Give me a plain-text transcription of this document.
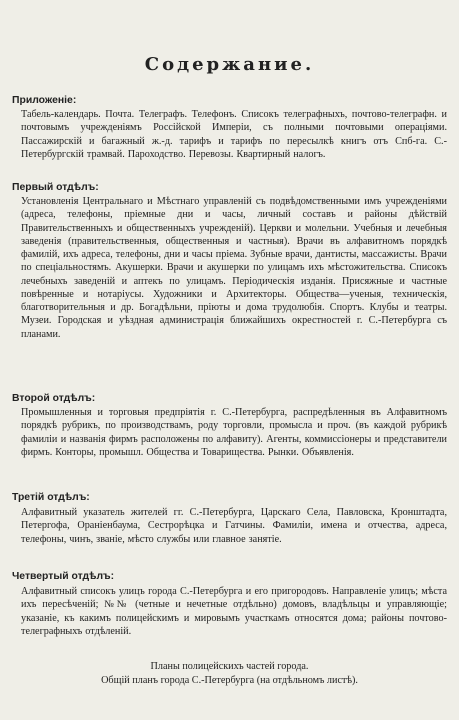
Содержание.
Приложеніе:
Табель-календарь. Почта. Телеграфъ. Телефонъ. Списокъ телеграфныхъ, почтово-телеграфн. и почтовымъ учрежденіямъ Россійской Имперіи, съ полными почтовыми операціями. Пассажирскій и багажный ж.-д. тарифъ и тарифъ по пересылкѣ книгъ отъ Спб-га. С.-Петербургскій трамвай. Пароходство. Перевозы. Квартирный налогъ.
Первый отдѣлъ:
Установленія Центральнаго и Мѣстнаго управленій съ подвѣдомственными имъ учрежденіями (адреса, телефоны, пріемные дни и часы, личный составъ и районы дѣйствій Правительственныхъ и общественныхъ учрежденій). Церкви и молельни. Учебныя и лечебныя заведенія (правительственныя, общественныя и частныя). Врачи въ алфавитномъ порядкѣ фамилій, ихъ адреса, телефоны, дни и часы пріема. Зубные врачи, дантисты, массажисты. Врачи по спеціальностямъ. Акушерки. Врачи и акушерки по улицамъ ихъ мѣстожительства. Списокъ лечебныхъ заведеній и аптекъ по улицамъ. Періодическія изданія. Присяжные и частные повѣренные и нотаріусы. Художники и Архитекторы. Общества—ученыя, техническія, благотворительныя и др. Богадѣльни, пріюты и дома трудолюбія. Спортъ. Клубы и театры. Музеи. Городская и уѣздная администрація ближайшихъ окрестностей г. С.-Петербурга съ планами.
Второй отдѣлъ:
Промышленныя и торговыя предпріятія г. С.-Петербурга, распредѣленныя въ Алфавитномъ порядкѣ рубрикъ, по производствамъ, роду торговли, промысла и проч. (въ каждой рубрикѣ фамиліи и названія фирмъ расположены по алфавиту). Агенты, коммиссіонеры и представители фирмъ. Конторы, промышл. Общества и Товарищества. Рынки. Объявленія.
Третій отдѣлъ:
Алфавитный указатель жителей гг. С.-Петербурга, Царскаго Села, Павловска, Кронштадта, Петергофа, Ораніенбаума, Сестрорѣцка и Гатчины. Фамиліи, имена и отчества, адреса, телефоны, чинъ, званіе, мѣсто службы или главное занятіе.
Четвертый отдѣлъ:
Алфавитный списокъ улицъ города С.-Петербурга и его пригородовъ. Направленіе улицъ; мѣста ихъ пересѣченій; №№ (четные и нечетные отдѣльно) домовъ, владѣльцы и управляющіе; указаніе, къ какимъ полицейскимъ и мировымъ участкамъ относятся дома; районы почтово-телеграфныхъ отдѣленій.
Планы полицейскихъ частей города.
Общій планъ города С.-Петербурга (на отдѣльномъ листѣ).
